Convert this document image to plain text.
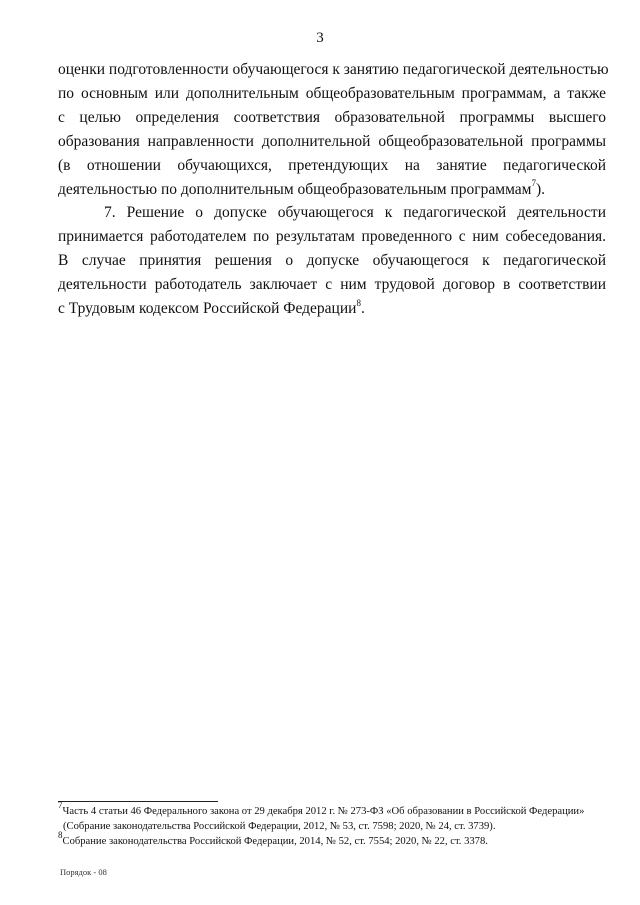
3

оценки подготовленности обучающегося к занятию педагогической деятельностью
по основным или дополнительным общеобразовательным программам, а также
с целью определения соответствия образовательной программы высшего
образования направленности дополнительной общеобразовательной программы
(в отношении обучающихся, претендующих на занятие педагогической
деятельностью по дополнительным общеобразовательным программам$^7$).

7. Решение о допуске обучающегося к педагогической деятельности
принимается работодателем по результатам проведенного с ним собеседования.
В случае принятия решения о допуске обучающегося к педагогической
деятельности работодатель заключает с ним трудовой договор в соответствии
с Трудовым кодексом Российской Федерации$^8$.

$^7$Часть 4 статьи 46 Федерального закона от 29 декабря 2012 г. № 273-ФЗ «Об образовании в Российской Федерации»
(Собрание законодательства Российской Федерации, 2012, № 53, ст. 7598; 2020, № 24, ст. 3739).
$^8$Собрание законодательства Российской Федерации, 2014, № 52, ст. 7554; 2020, № 22, ст. 3378.
Порядок - 08
